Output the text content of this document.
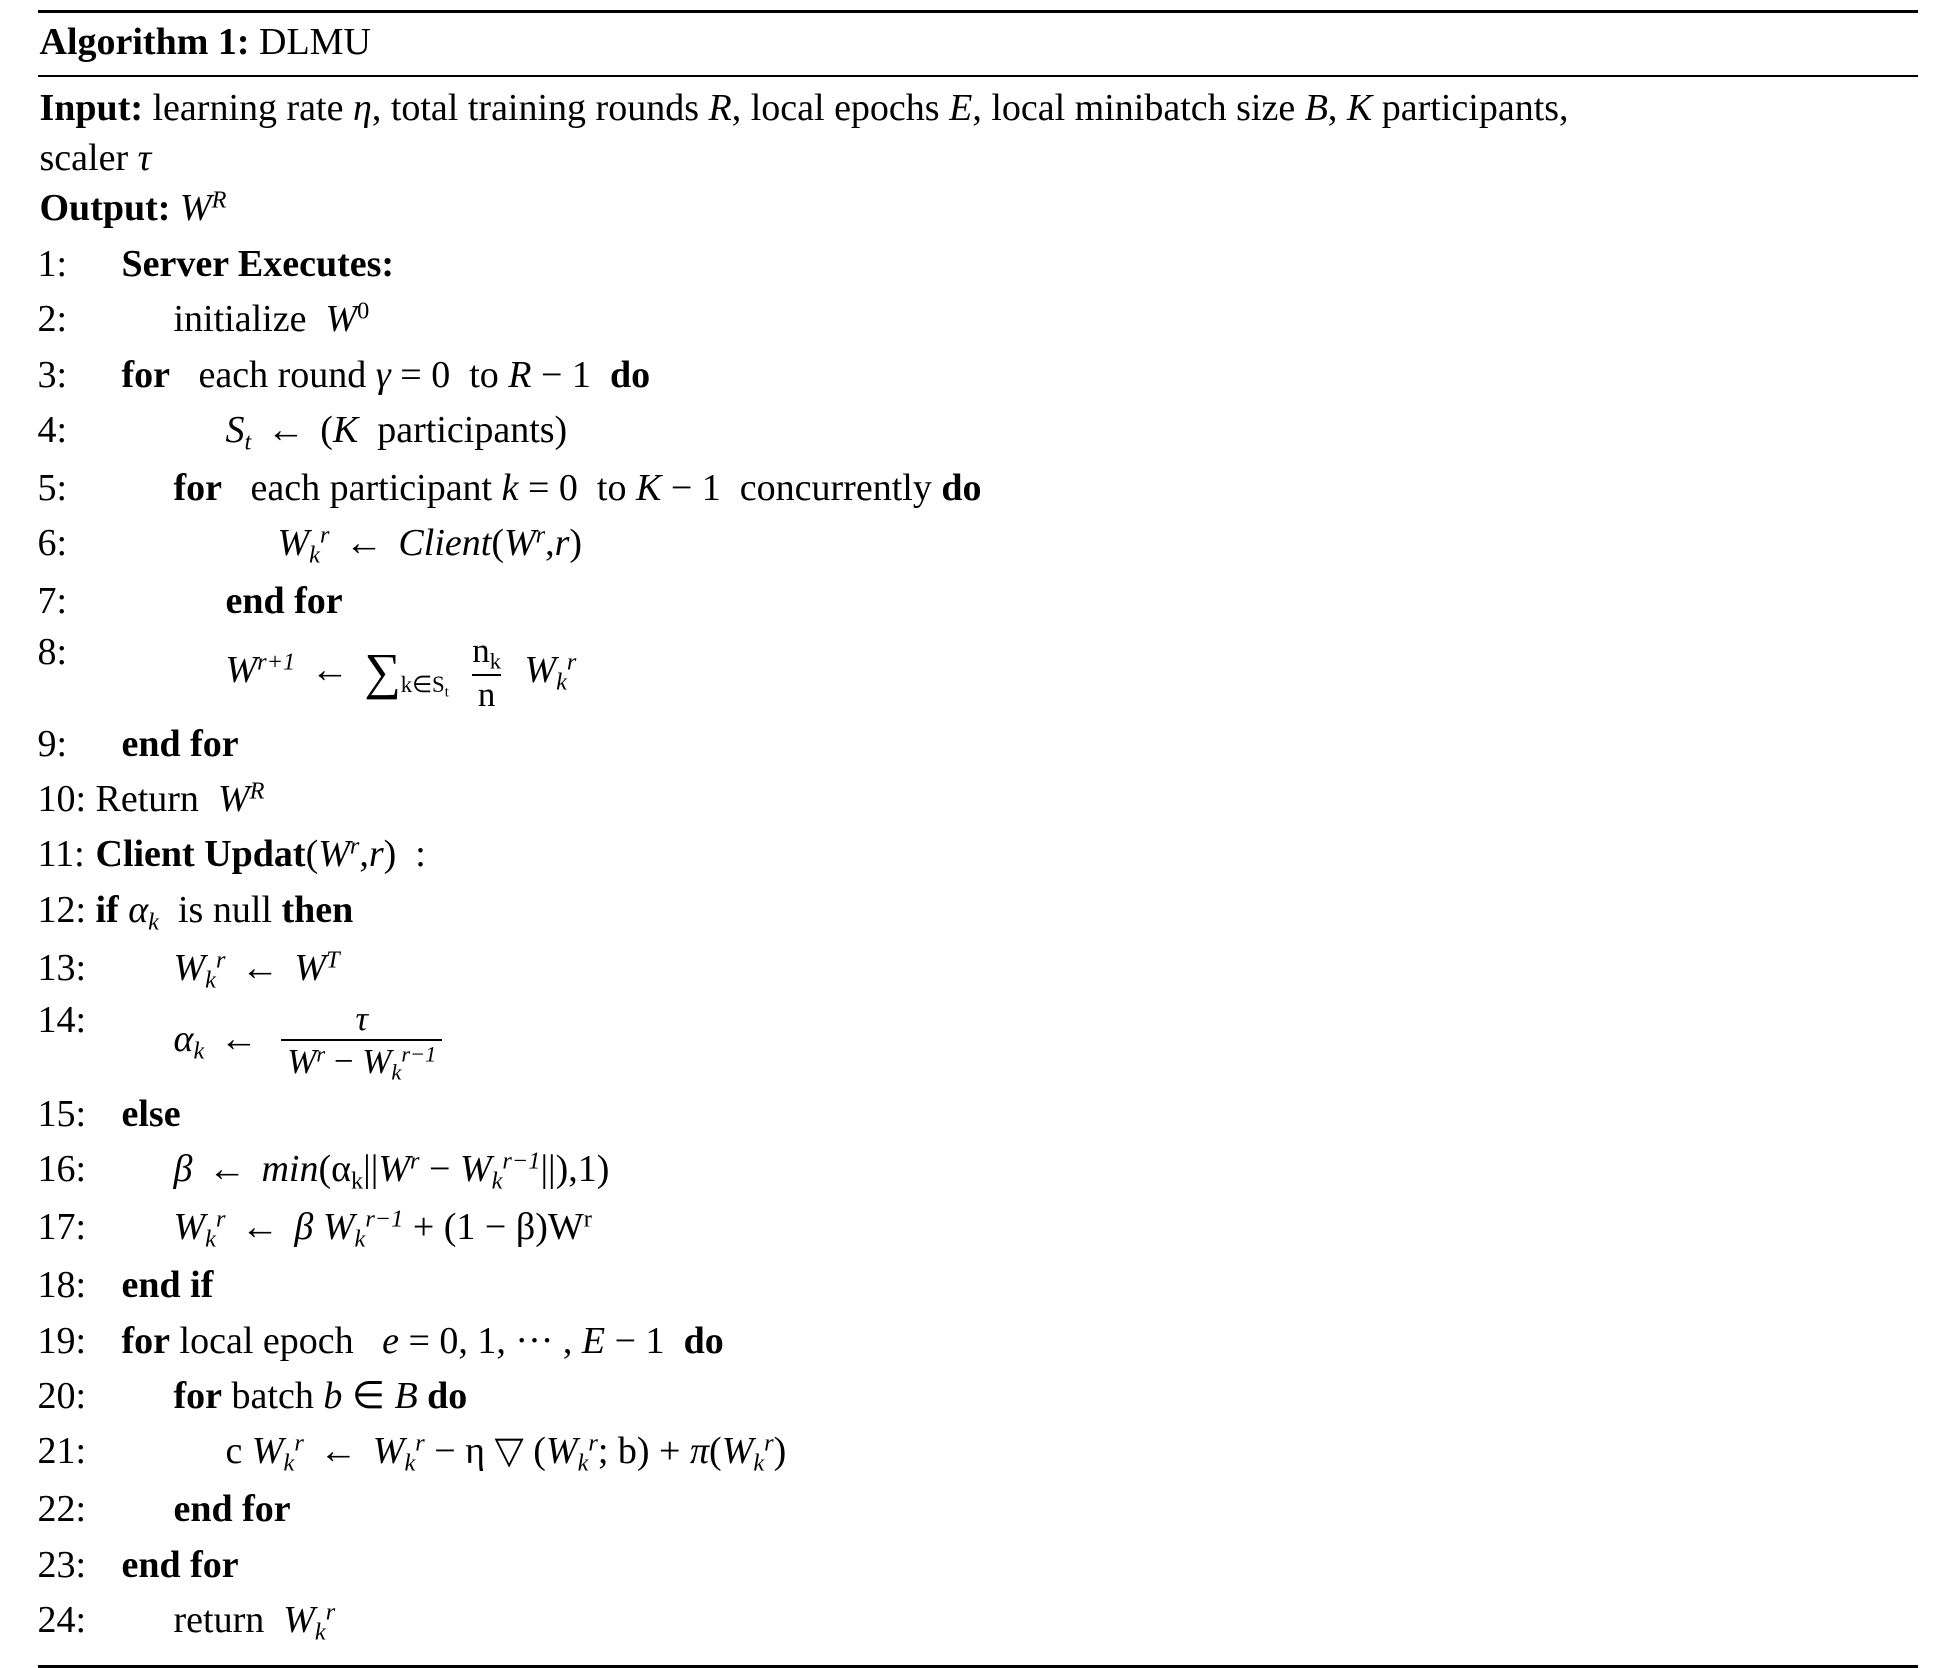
Algorithm 1: DLMU
Input: learning rate η, total training rounds R, local epochs E, local minibatch size B, K participants,
scaler τ
Output: $W^R$
1:	Server Executes:
2:	initialize  $W^0$
3:	for   each round γ = 0  to R − 1  do
4:	$S_t$ ← (K  participants)
5:	for   each participant k = 0  to K − 1  concurrently do
6:	$W_k^r$ ← $Client(W^r,r)$
7:	end for
8:	$W^{r+1}$ ← $\sum_{k\in S_t} \frac{n_k}{n} W_k^r$
9:	end for
10: Return  $W^R$
11: Client $Updat(W^r,r)$  :
12: if $\alpha_k$  is null then
13:	$W_k^r$ ← $W^T$
14:	$\alpha_k$ ← $\frac{\tau}{W^r - W_k^{r-1}}$
15: else
16:	β ← $\min(\alpha_k||W^r - W_k^{r-1}||),1$)
17:	$W_k^r$ ← β $W_k^{r-1} + (1 - \beta)W^r$
18: end if
19: for local epoch   e = 0, 1, ··· , E − 1  do
20:	for batch b ∈ B do
21:	c $W_k^r$ ← $W_k^r - \eta$ ▽ ($W_k^r$; $b) + \pi(W_k^r)$
22:	end for
23: end for
24:	return  $W_k^r$
